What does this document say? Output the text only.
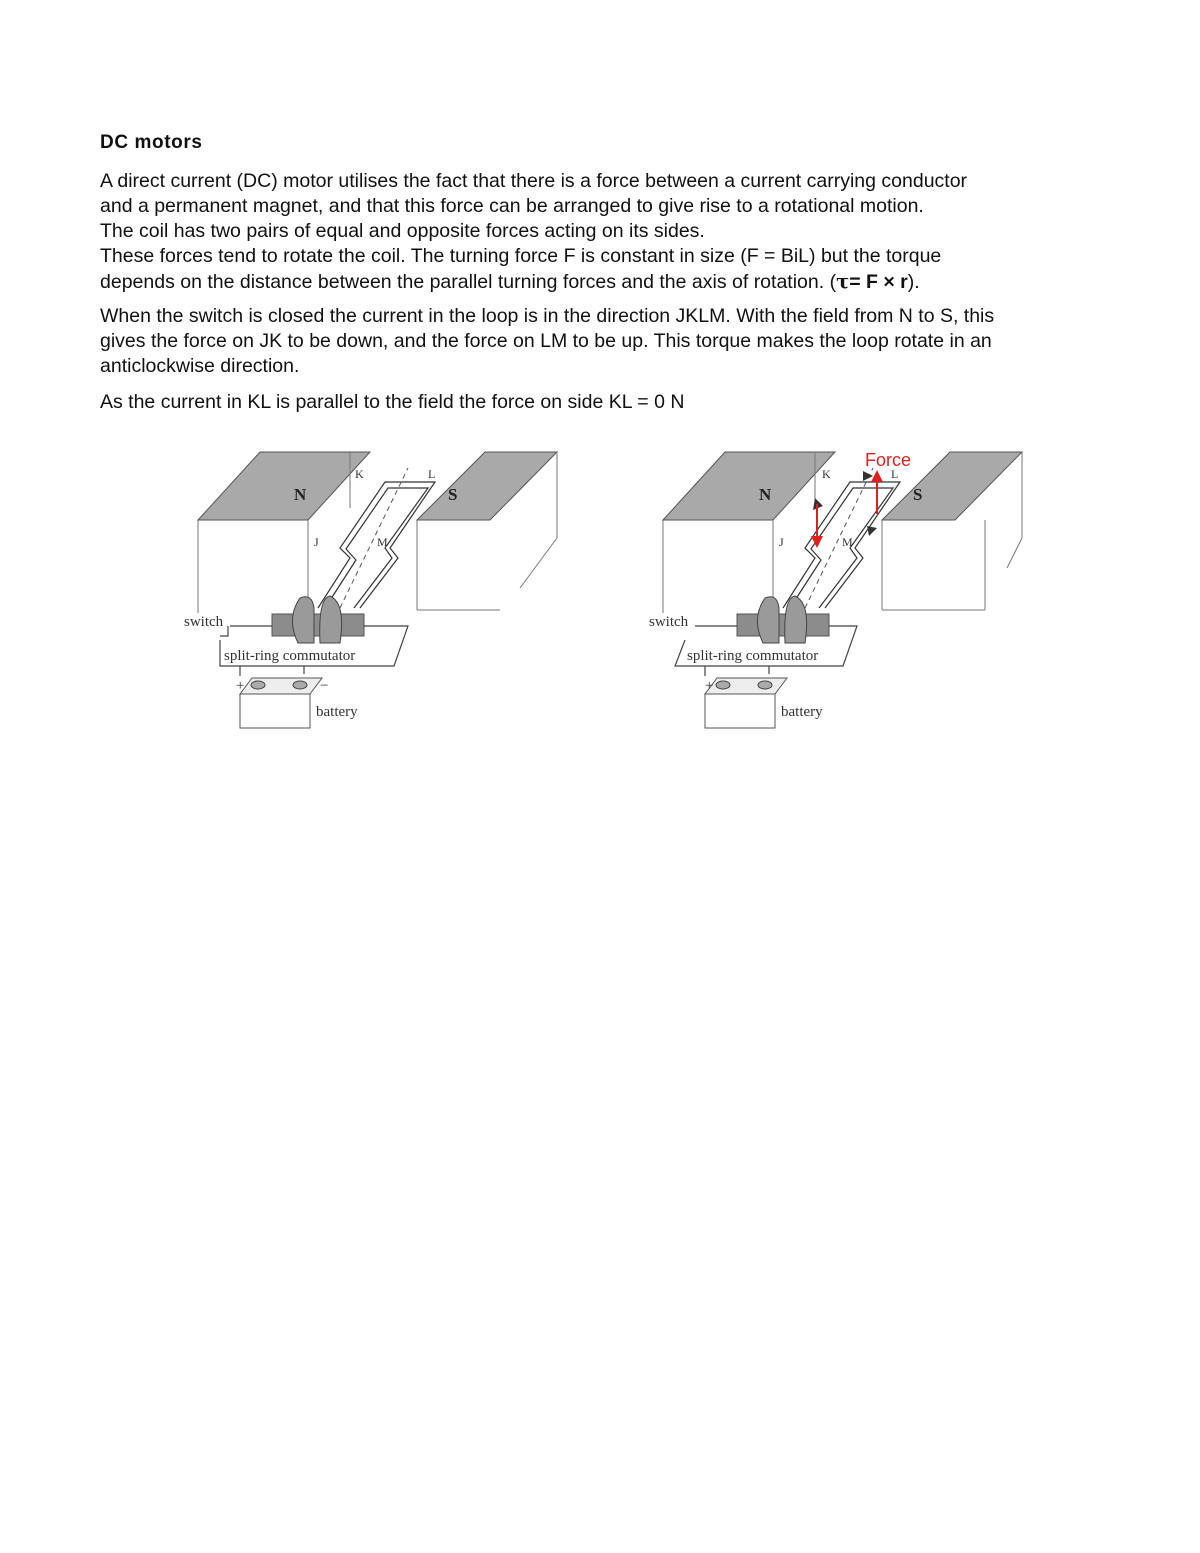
DC motors

A direct current (DC) motor utilises the fact that there is a force between a current carrying conductor
and a permanent magnet, and that this force can be arranged to give rise to a rotational motion.
The coil has two pairs of equal and opposite forces acting on its sides.
These forces tend to rotate the coil. The turning force F is constant in size (F = BiL) but the torque
depends on the distance between the parallel turning forces and the axis of rotation. (τ= F × r).

When the switch is closed the current in the loop is in the direction JKLM. With the field from N to S, this
gives the force on JK to be down, and the force on LM to be up. This torque makes the loop rotate in an
anticlockwise direction.

As the current in KL is parallel to the field the force on side KL = 0 N

N	S
K	L
J	M
switch
split-ring commutator
+	−
battery
N	S
Force
K	L
J	M
switch
split-ring commutator
+
battery
